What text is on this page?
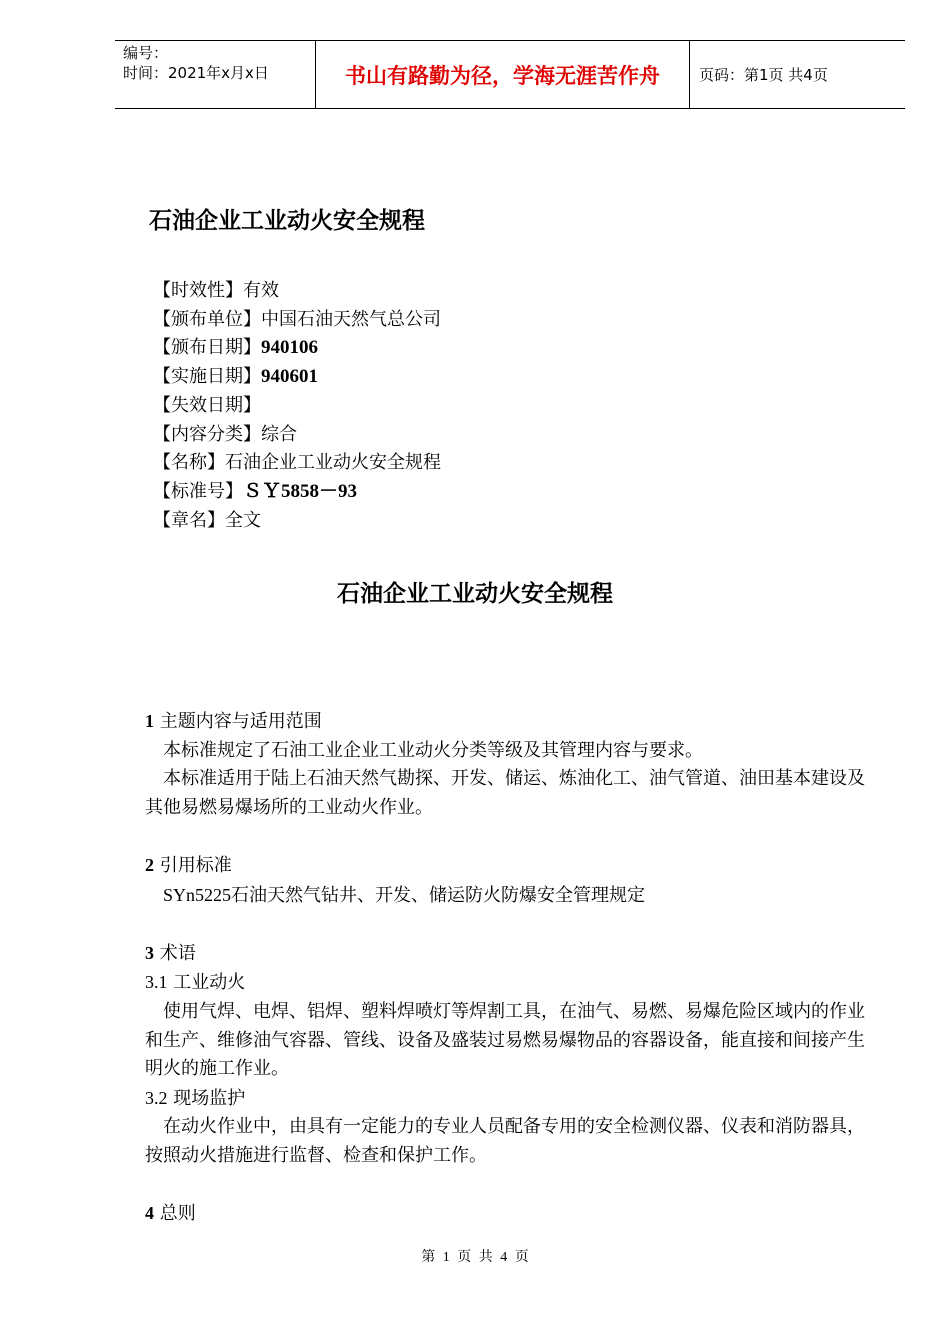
编号：
时间：2021年x月x日	书山有路勤为径，学海无涯苦作舟	页码：第1页 共4页
石油企业工业动火安全规程
【时效性】有效
【颁布单位】中国石油天然气总公司
【颁布日期】940106
【实施日期】940601
【失效日期】
【内容分类】综合
【名称】石油企业工业动火安全规程
【标准号】ＳＹ5858－93
【章名】全文
石油企业工业动火安全规程

1 主题内容与适用范围

本标准规定了石油工业企业工业动火分类等级及其管理内容与要求。

本标准适用于陆上石油天然气勘探、开发、储运、炼油化工、油气管道、油田基本建设及其他易燃易爆场所的工业动火作业。

2 引用标准

SYn5225石油天然气钻井、开发、储运防火防爆安全管理规定

3 术语

3.1 工业动火

使用气焊、电焊、铝焊、塑料焊喷灯等焊割工具，在油气、易燃、易爆危险区域内的作业和生产、维修油气容器、管线、设备及盛装过易燃易爆物品的容器设备，能直接和间接产生明火的施工作业。

3.2 现场监护

在动火作业中，由具有一定能力的专业人员配备专用的安全检测仪器、仪表和消防器具，按照动火措施进行监督、检查和保护工作。

4 总则

第 1 页 共 4 页
